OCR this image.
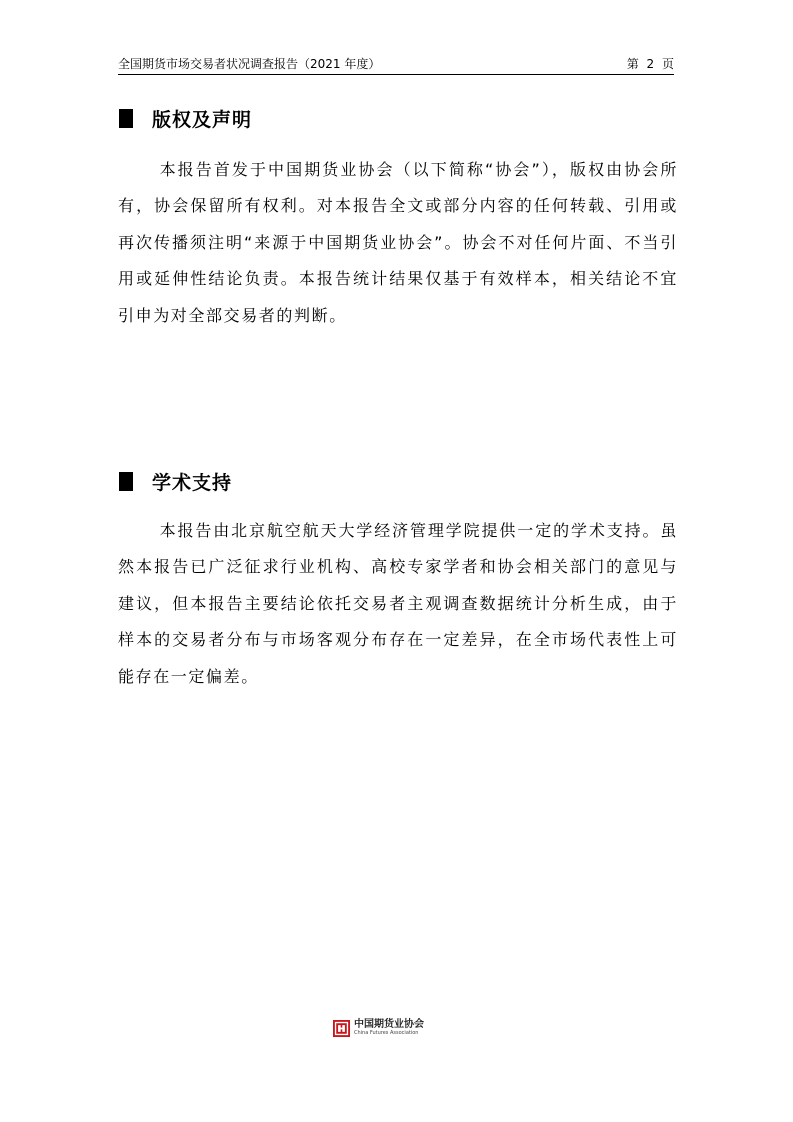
全国期货市场交易者状况调查报告（2021 年度）	第 2 页
版权及声明
本报告首发于中国期货业协会（以下简称“协会”），版权由协会所有，协会保留所有权利。对本报告全文或部分内容的任何转载、引用或再次传播须注明“来源于中国期货业协会”。协会不对任何片面、不当引用或延伸性结论负责。本报告统计结果仅基于有效样本，相关结论不宜引申为对全部交易者的判断。
学术支持
本报告由北京航空航天大学经济管理学院提供一定的学术支持。虽然本报告已广泛征求行业机构、高校专家学者和协会相关部门的意见与建议，但本报告主要结论依托交易者主观调查数据统计分析生成，由于样本的交易者分布与市场客观分布存在一定差异，在全市场代表性上可能存在一定偏差。
中国期货业协会
China Futures Association
